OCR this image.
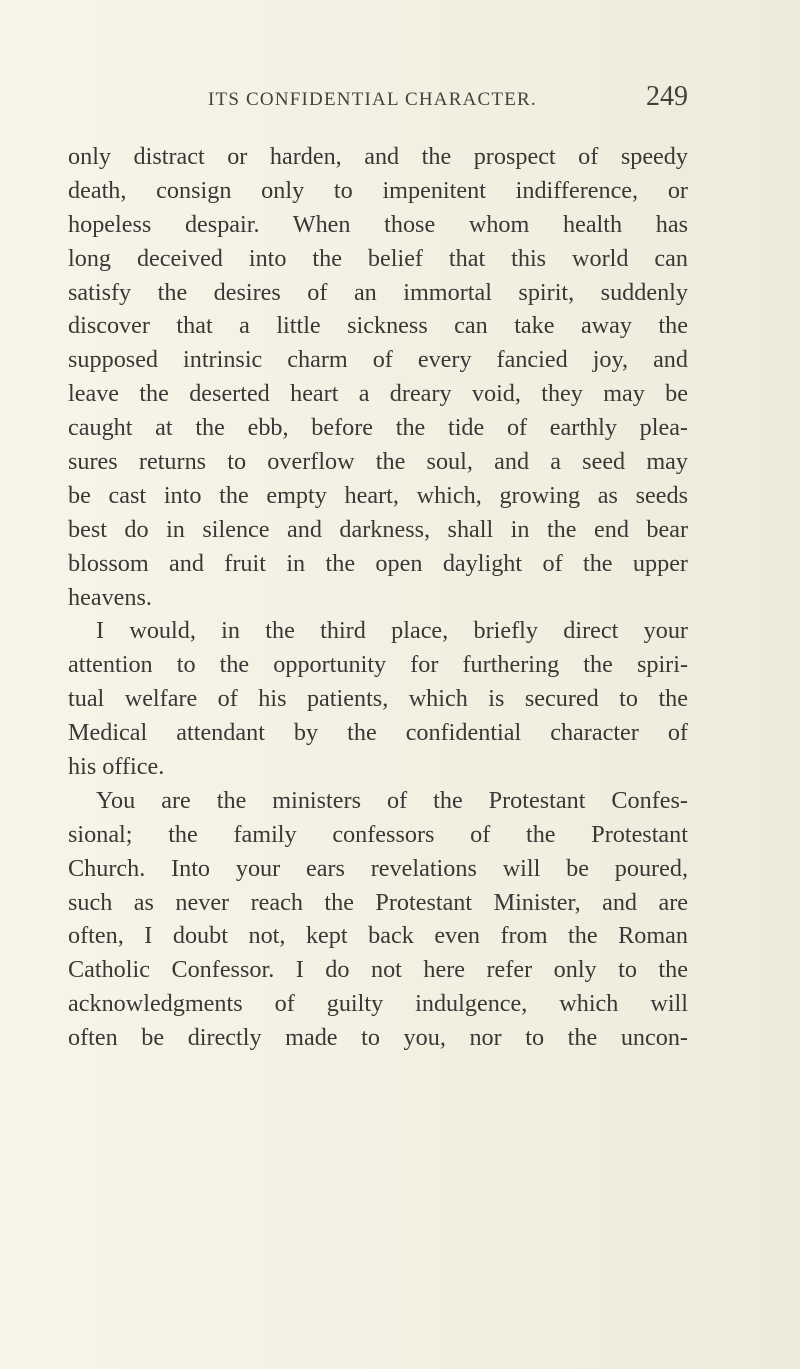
ITS CONFIDENTIAL CHARACTER.	249
only distract or harden, and the prospect of speedy
death, consign only to impenitent indifference, or
hopeless despair. When those whom health has
long deceived into the belief that this world can
satisfy the desires of an immortal spirit, suddenly
discover that a little sickness can take away the
supposed intrinsic charm of every fancied joy, and
leave the deserted heart a dreary void, they may be
caught at the ebb, before the tide of earthly plea-
sures returns to overflow the soul, and a seed may
be cast into the empty heart, which, growing as seeds
best do in silence and darkness, shall in the end bear
blossom and fruit in the open daylight of the upper
heavens.
I would, in the third place, briefly direct your
attention to the opportunity for furthering the spiri-
tual welfare of his patients, which is secured to the
Medical attendant by the confidential character of
his office.
You are the ministers of the Protestant Confes-
sional; the family confessors of the Protestant
Church. Into your ears revelations will be poured,
such as never reach the Protestant Minister, and are
often, I doubt not, kept back even from the Roman
Catholic Confessor. I do not here refer only to the
acknowledgments of guilty indulgence, which will
often be directly made to you, nor to the uncon-
